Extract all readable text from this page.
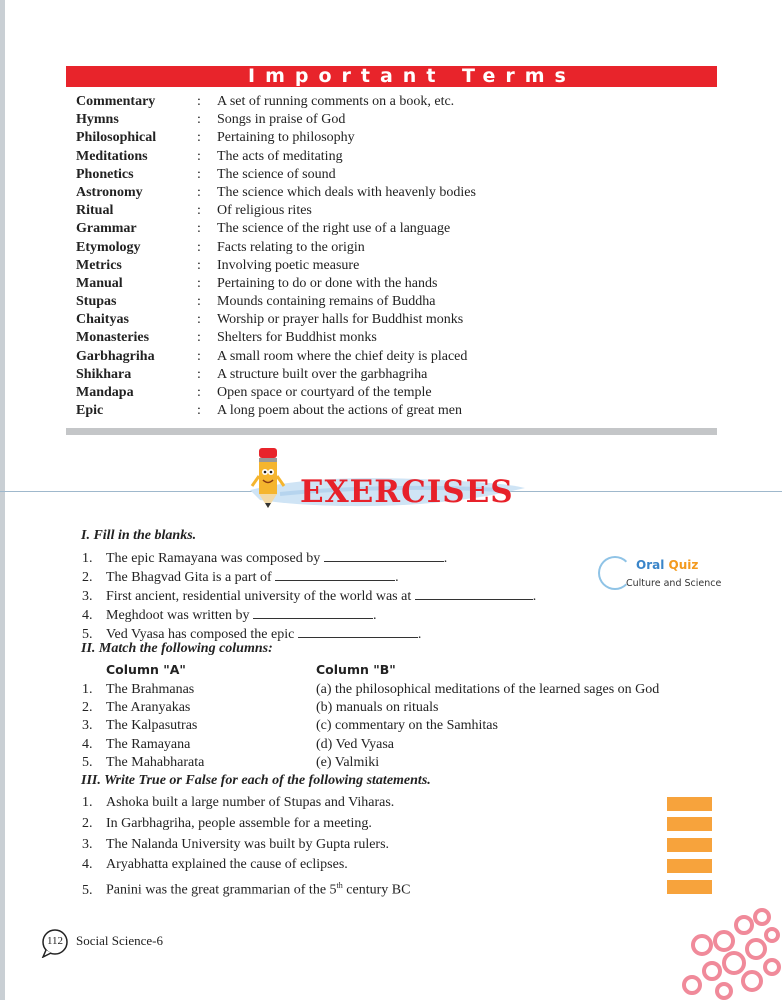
Important Terms
Commentary	: A set of running comments on a book, etc.
Hymns	: Songs in praise of God
Philosophical	: Pertaining to philosophy
Meditations	: The acts of meditating
Phonetics	: The science of sound
Astronomy	: The science which deals with heavenly bodies
Ritual	: Of religious rites
Grammar	: The science of the right use of a language
Etymology	: Facts relating to the origin
Metrics	: Involving poetic measure
Manual	: Pertaining to do or done with the hands
Stupas	: Mounds containing remains of Buddha
Chaityas	: Worship or prayer halls for Buddhist monks
Monasteries	: Shelters for Buddhist monks
Garbhagriha	: A small room where the chief deity is placed
Shikhara	: A structure built over the garbhagriha
Mandapa	: Open space or courtyard of the temple
Epic	: A long poem about the actions of great men
EXERCISES
Oral Quiz
Culture and Science
I. Fill in the blanks.
1. The epic Ramayana was composed by	.
2. The Bhagvad Gita is a part of	.
3. First ancient, residential university of the world was at	.
4. Meghdoot was written by	.
5. Ved Vyasa has composed the epic	.
II. Match the following columns:
Column "A"	Column "B"
1. The Brahmanas	(a) the philosophical meditations of the learned sages on God
2. The Aranyakas	(b) manuals on rituals
3. The Kalpasutras	(c) commentary on the Samhitas
4. The Ramayana	(d) Ved Vyasa
5. The Mahabharata	(e) Valmiki
III. Write True or False for each of the following statements.
1. Ashoka built a large number of Stupas and Viharas.
2. In Garbhagriha, people assemble for a meeting.
3. The Nalanda University was built by Gupta rulers.
4. Aryabhatta explained the cause of eclipses.
5. Panini was the great grammarian of the 5th century BC
112 Social Science-6
